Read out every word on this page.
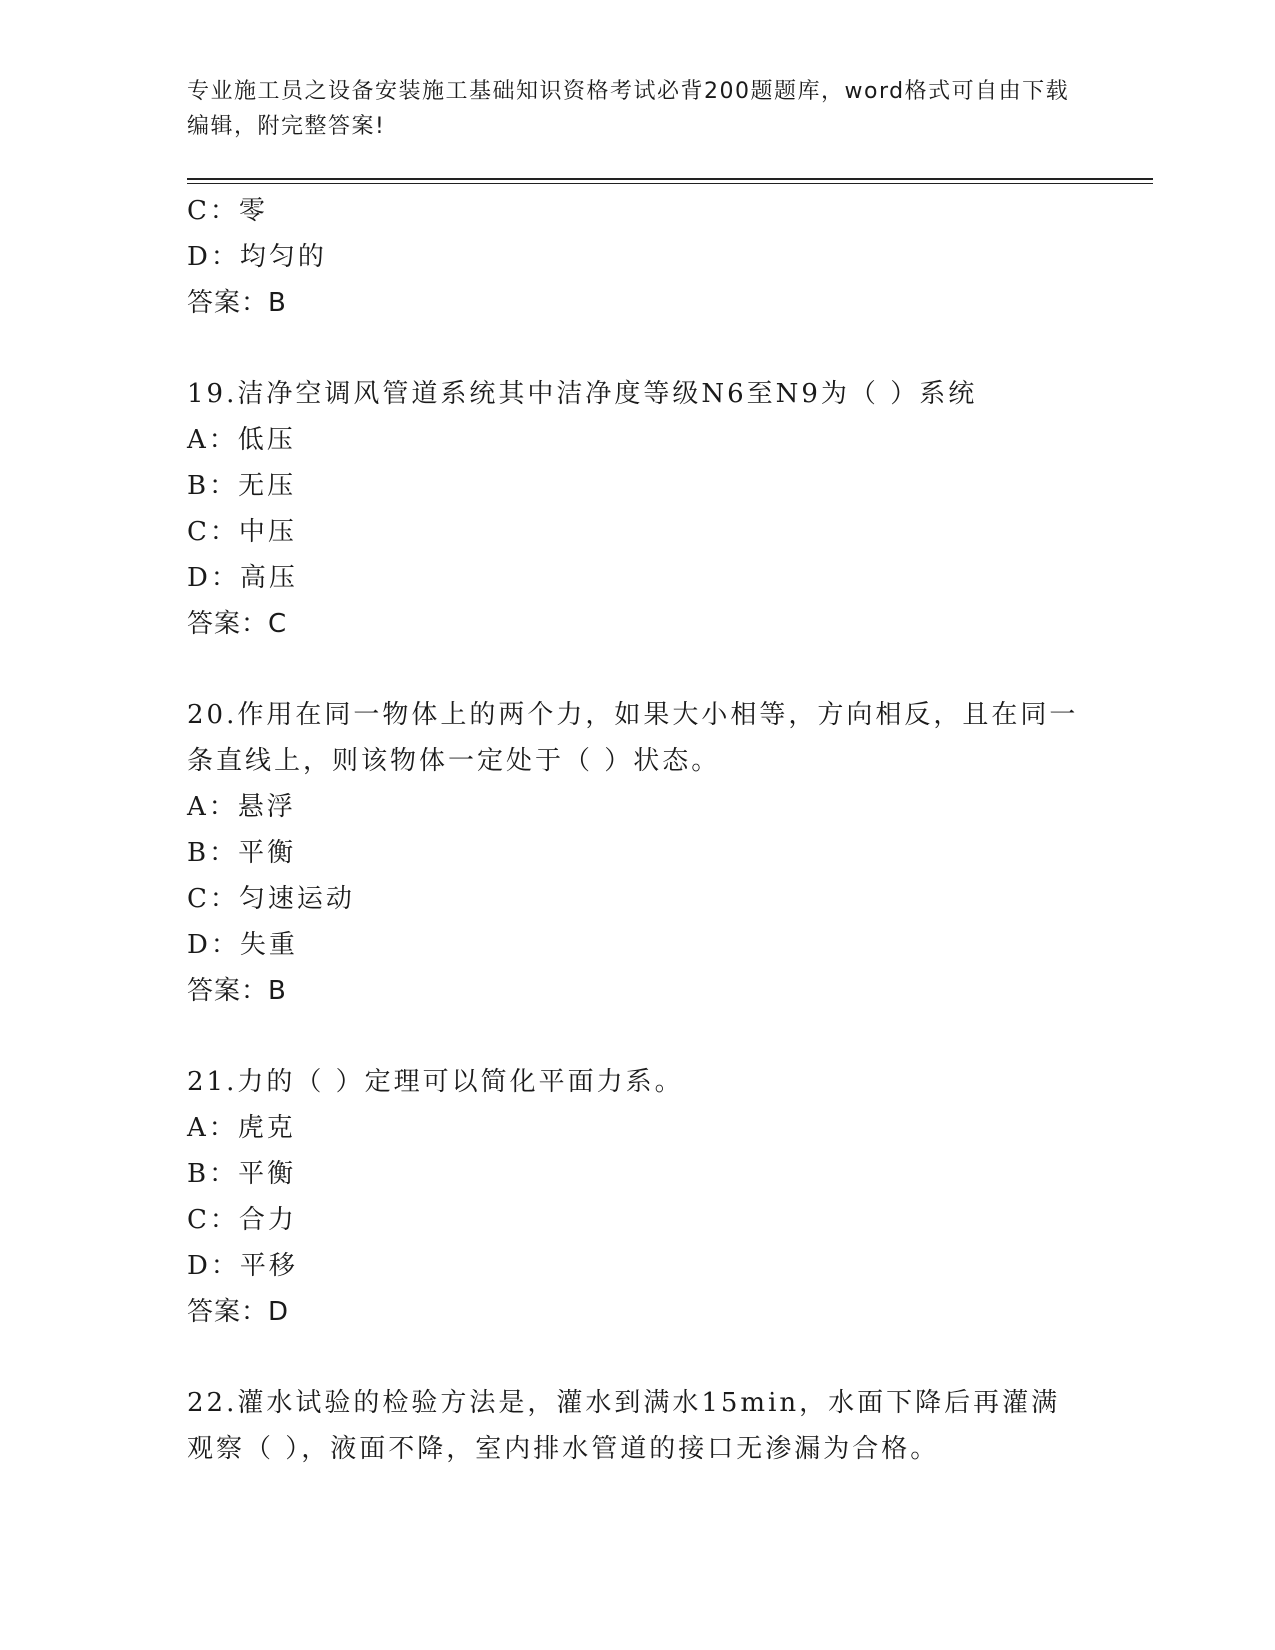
专业施工员之设备安装施工基础知识资格考试必背200题题库，word格式可自由下载编辑，附完整答案!
C：零
D：均匀的
答案：B
19.洁净空调风管道系统其中洁净度等级N6至N9为（ ）系统
A：低压
B：无压
C：中压
D：高压
答案：C
20.作用在同一物体上的两个力，如果大小相等，方向相反，且在同一条直线上，则该物体一定处于（ ）状态。
A：悬浮
B：平衡
C：匀速运动
D：失重
答案：B
21.力的（ ）定理可以简化平面力系。
A：虎克
B：平衡
C：合力
D：平移
答案：D
22.灌水试验的检验方法是，灌水到满水15min，水面下降后再灌满观察（ ），液面不降，室内排水管道的接口无渗漏为合格。
